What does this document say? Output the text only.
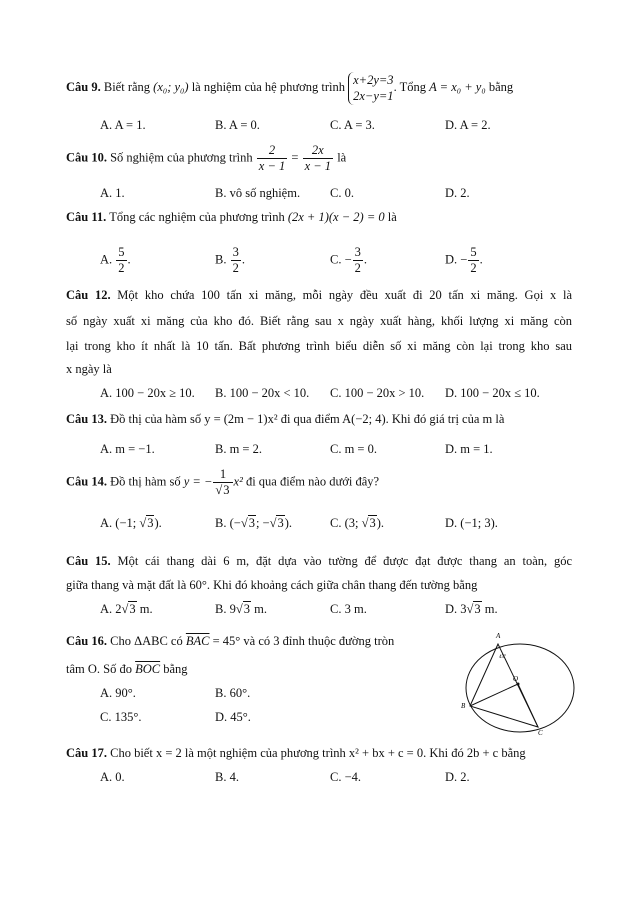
Câu 9. Biết rằng (x₀; y₀) là nghiệm của hệ phương trình
x+2y=3
2x−y=1
. Tổng A = x₀ + y₀ bằng
A. A = 1.	B. A = 0.	C. A = 3.	D. A = 2.
Câu 10. Số nghiệm của phương trình $\frac{2}{x - 1} = \frac{2x}{x - 1}$ là
A. 1.	B. vô số nghiệm. C. 0.	D. 2.
Câu 11. Tổng các nghiệm của phương trình (2x + 1)(x − 2) = 0 là
A. $\frac{5}{2}$ .	B. $\frac{3}{2}$ .	C. − $\frac{3}{2}$ .	D. − $\frac{5}{2}$ .
Câu 12. Một kho chứa 100 tấn xi măng, mỗi ngày đều xuất đi 20 tấn xi măng. Gọi x là
số ngày xuất xi măng của kho đó. Biết rằng sau x ngày xuất hàng, khối lượng xi măng còn
lại trong kho ít nhất là 10 tấn. Bất phương trình biểu diễn số xi măng còn lại trong kho sau
x ngày là
A. 100 − 20x ≥ 10. B. 100 − 20x < 10. C. 100 − 20x > 10. D. 100 − 20x ≤ 10.
Câu 13. Đồ thị của hàm số y = (2m − 1)x² đi qua điểm A(−2; 4). Khi đó giá trị của m là
A. m = −1.	B. m = 2.	C. m = 0.	D. m = 1.
Câu 14. Đồ thị hàm số y = − $\frac{1}{√3} x^2$ đi qua điểm nào dưới đây?
A. (−1; √3).	B. (−√3; −√3).	C. (3; √3).	D. (−1; 3).
Câu 15. Một cái thang dài 6 m, đặt dựa vào tường để được đạt được thang an toàn, góc
giữa thang và mặt đất là 60°. Khi đó khoảng cách giữa chân thang đến tường bằng
A. 2√3 m.	B. 9√3 m.	C. 3 m.	D. 3√3 m.
Câu 16. Cho ΔABC có $\overline{BAC} = 45^\circ$ và có 3 đỉnh thuộc đường tròn
tâm O. Số đo $\overline{BOC}$ bằng
A. 90°.	B. 60°.
C. 135°.	D. 45°.
A
B
C
O
45°
Câu 17. Cho biết x = 2 là một nghiệm của phương trình x² + bx + c = 0. Khi đó 2b + c bằng
A. 0.	B. 4.	C. −4.	D. 2.
